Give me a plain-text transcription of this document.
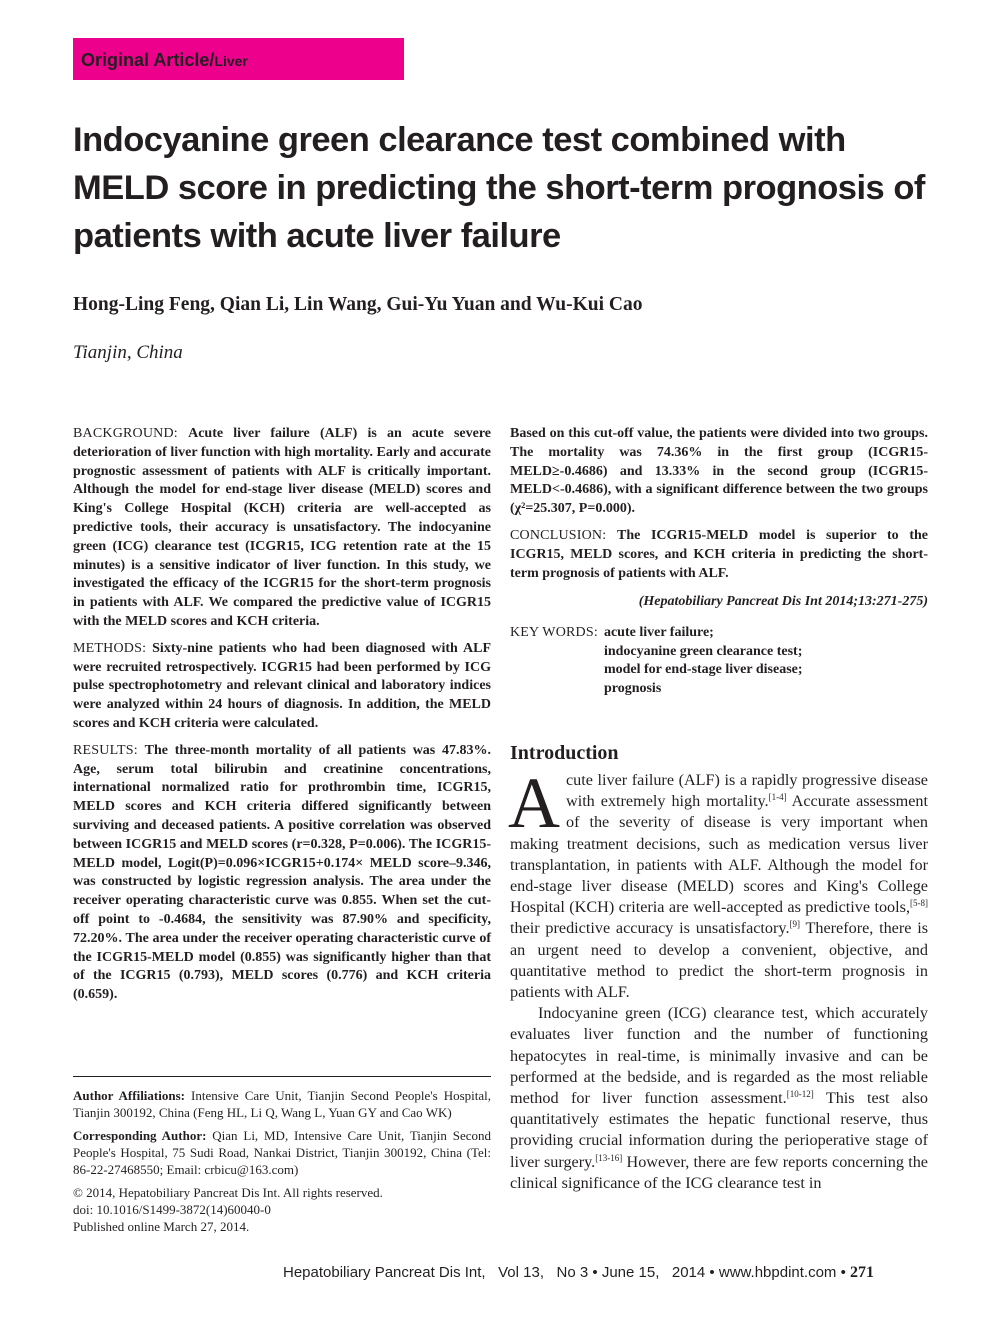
Original Article/Liver
Indocyanine green clearance test combined with MELD score in predicting the short-term prognosis of patients with acute liver failure
Hong-Ling Feng, Qian Li, Lin Wang, Gui-Yu Yuan and Wu-Kui Cao
Tianjin, China

BACKGROUND: Acute liver failure (ALF) is an acute severe deterioration of liver function with high mortality. Early and accurate prognostic assessment of patients with ALF is critically important. Although the model for end-stage liver disease (MELD) scores and King's College Hospital (KCH) criteria are well-accepted as predictive tools, their accuracy is unsatisfactory. The indocyanine green (ICG) clearance test (ICGR15, ICG retention rate at the 15 minutes) is a sensitive indicator of liver function. In this study, we investigated the efficacy of the ICGR15 for the short-term prognosis in patients with ALF. We compared the predictive value of ICGR15 with the MELD scores and KCH criteria.

METHODS: Sixty-nine patients who had been diagnosed with ALF were recruited retrospectively. ICGR15 had been performed by ICG pulse spectrophotometry and relevant clinical and laboratory indices were analyzed within 24 hours of diagnosis. In addition, the MELD scores and KCH criteria were calculated.

RESULTS: The three-month mortality of all patients was 47.83%. Age, serum total bilirubin and creatinine concentrations, international normalized ratio for prothrombin time, ICGR15, MELD scores and KCH criteria differed significantly between surviving and deceased patients. A positive correlation was observed between ICGR15 and MELD scores (r=0.328, P=0.006). The ICGR15-MELD model, Logit(P)=0.096×ICGR15+0.174× MELD score–9.346, was constructed by logistic regression analysis. The area under the receiver operating characteristic curve was 0.855. When set the cut-off point to -0.4684, the sensitivity was 87.90% and specificity, 72.20%. The area under the receiver operating characteristic curve of the ICGR15-MELD model (0.855) was significantly higher than that of the ICGR15 (0.793), MELD scores (0.776) and KCH criteria (0.659).

Based on this cut-off value, the patients were divided into two groups. The mortality was 74.36% in the first group (ICGR15-MELD≥-0.4686) and 13.33% in the second group (ICGR15-MELD<-0.4686), with a significant difference between the two groups (χ²=25.307, P=0.000).

CONCLUSION: The ICGR15-MELD model is superior to the ICGR15, MELD scores, and KCH criteria in predicting the short-term prognosis of patients with ALF.

(Hepatobiliary Pancreat Dis Int 2014;13:271-275)
KEY WORDS: acute liver failure;
indocyanine green clearance test;
model for end-stage liver disease;
prognosis
Introduction

Acute liver failure (ALF) is a rapidly progressive disease with extremely high mortality.[1-4] Accurate assessment of the severity of disease is very important when making treatment decisions, such as medication versus liver transplantation, in patients with ALF. Although the model for end-stage liver disease (MELD) scores and King's College Hospital (KCH) criteria are well-accepted as predictive tools,[5-8] their predictive accuracy is unsatisfactory.[9] Therefore, there is an urgent need to develop a convenient, objective, and quantitative method to predict the short-term prognosis in patients with ALF.

Indocyanine green (ICG) clearance test, which accurately evaluates liver function and the number of functioning hepatocytes in real-time, is minimally invasive and can be performed at the bedside, and is regarded as the most reliable method for liver function assessment.[10-12] This test also quantitatively estimates the hepatic functional reserve, thus providing crucial information during the perioperative stage of liver surgery.[13-16] However, there are few reports concerning the clinical significance of the ICG clearance test in

Author Affiliations: Intensive Care Unit, Tianjin Second People's Hospital, Tianjin 300192, China (Feng HL, Li Q, Wang L, Yuan GY and Cao WK)

Corresponding Author: Qian Li, MD, Intensive Care Unit, Tianjin Second People's Hospital, 75 Sudi Road, Nankai District, Tianjin 300192, China (Tel: 86-22-27468550; Email: crbicu@163.com)

© 2014, Hepatobiliary Pancreat Dis Int. All rights reserved.
doi: 10.1016/S1499-3872(14)60040-0
Published online March 27, 2014.
Hepatobiliary Pancreat Dis Int, Vol 13, No 3 • June 15, 2014 • www.hbpdint.com • 271
